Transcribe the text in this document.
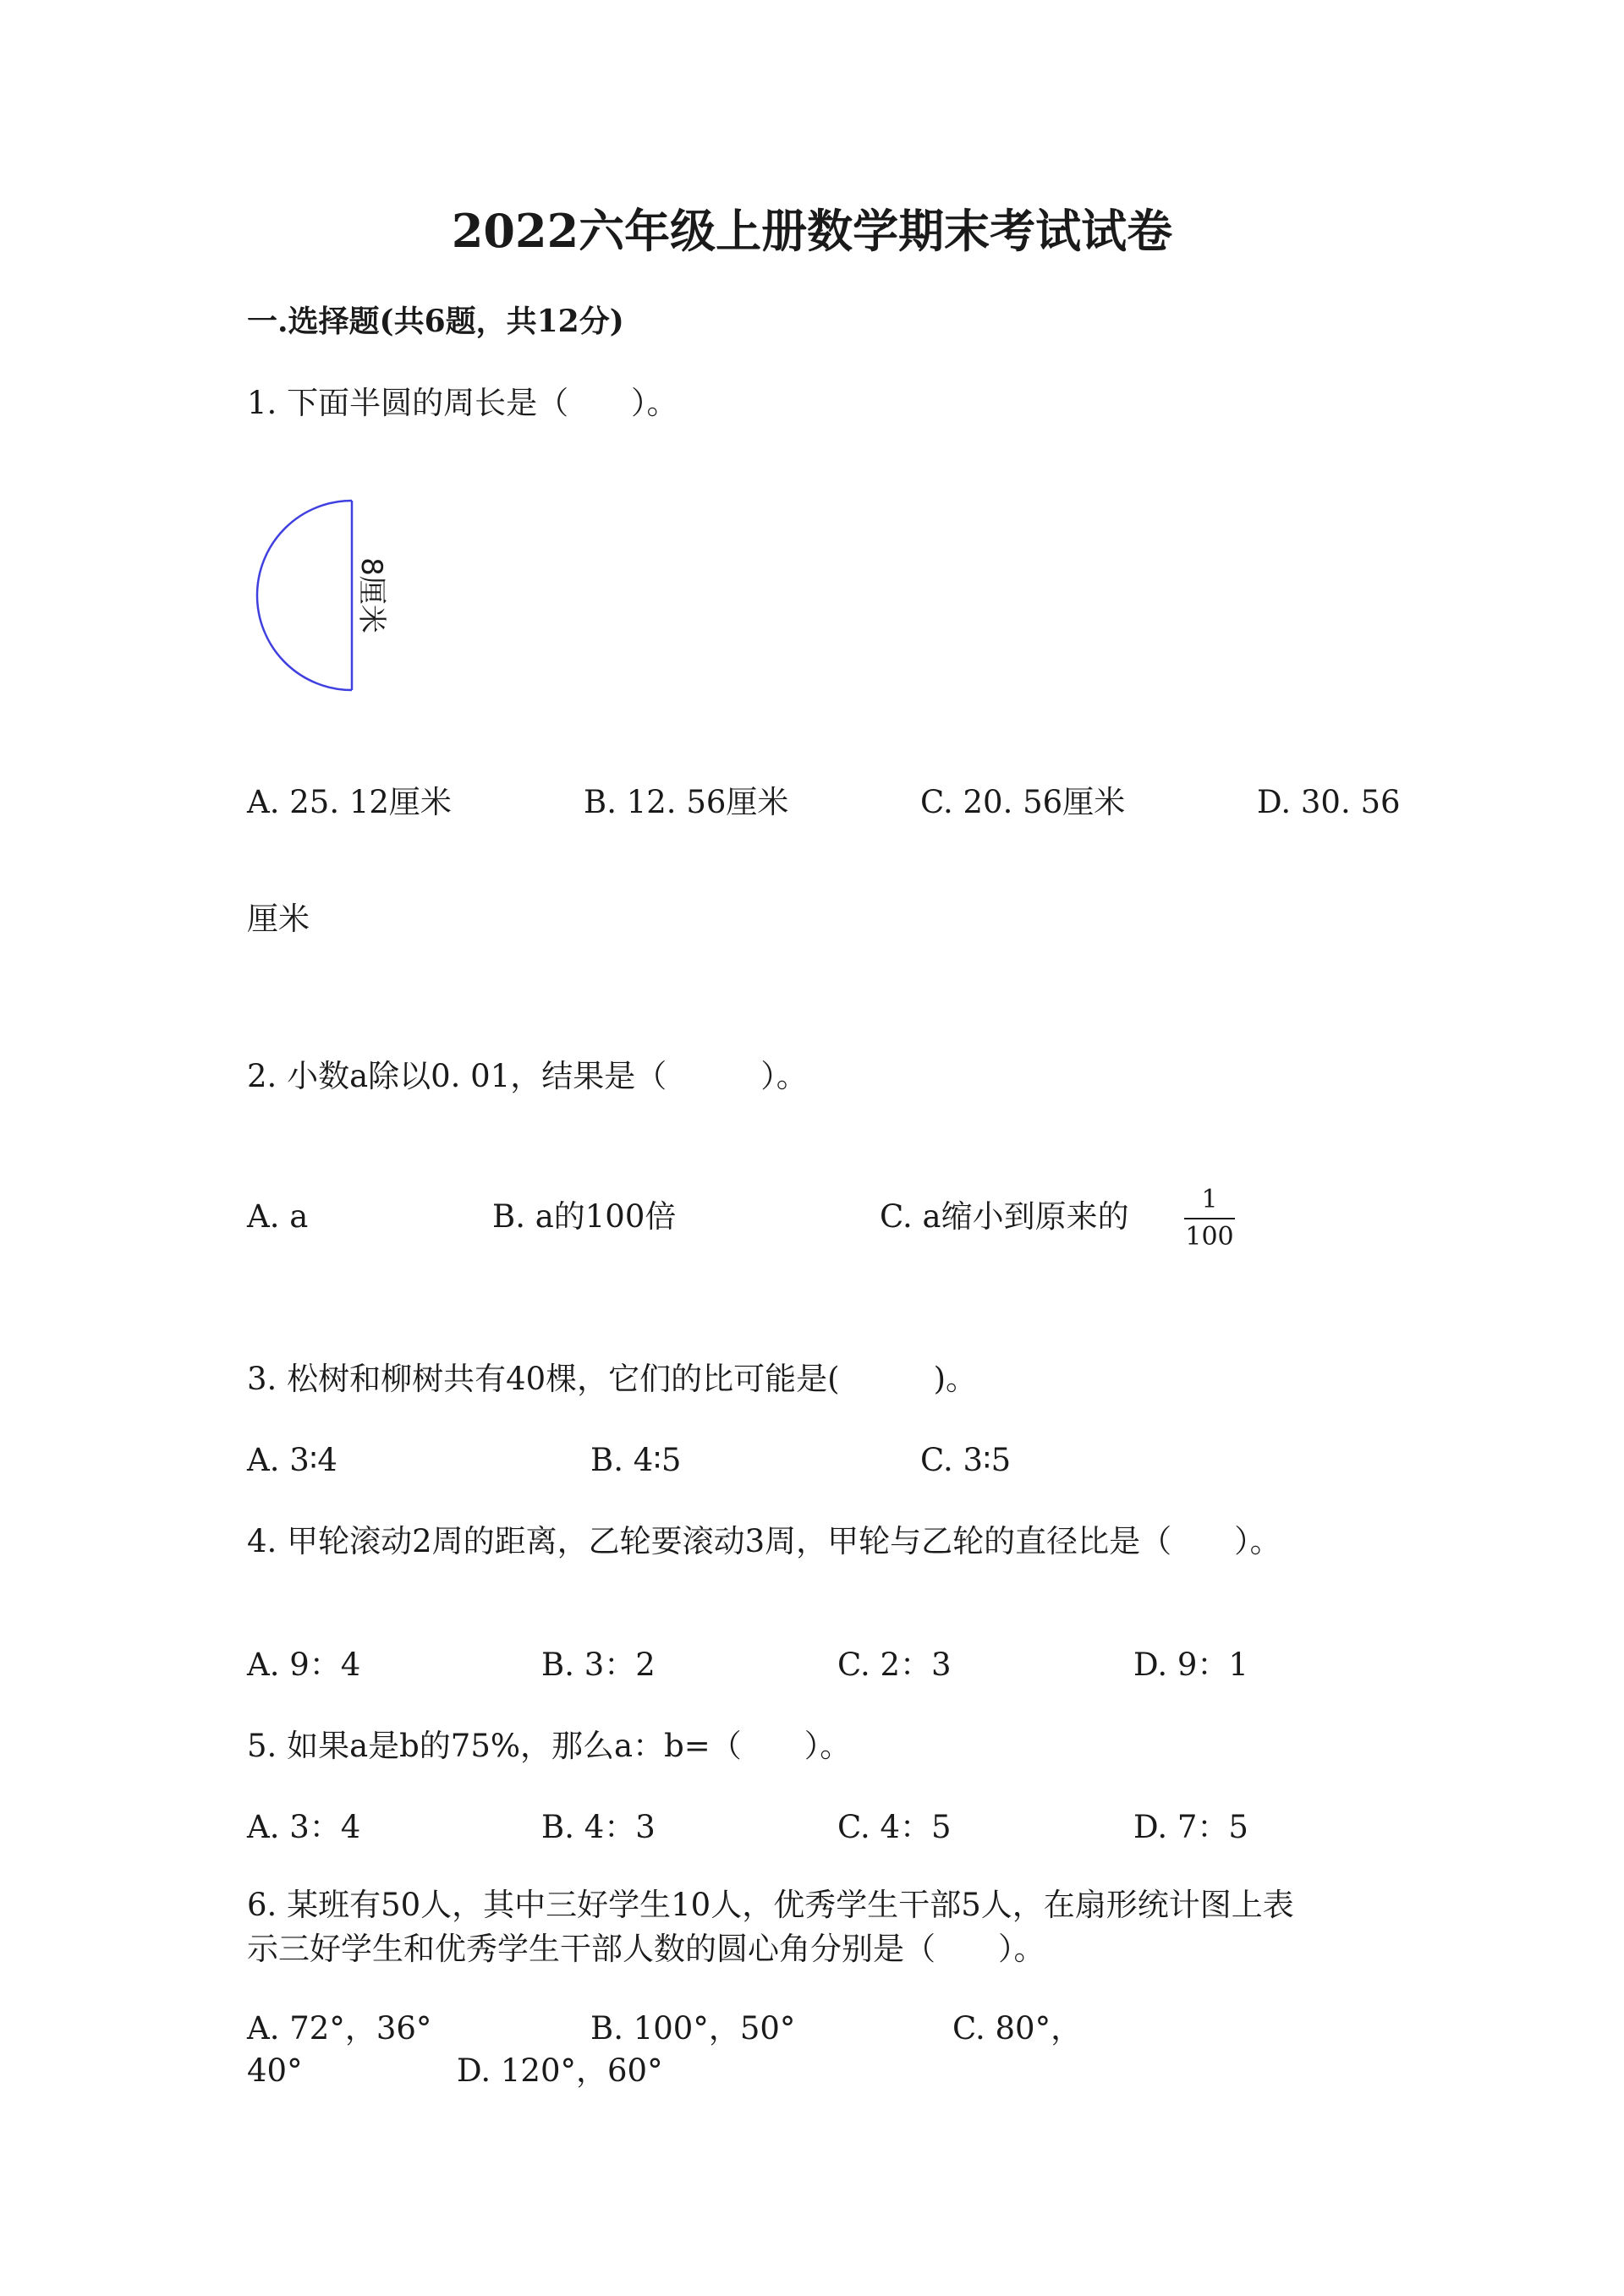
2022六年级上册数学期末考试试卷
一.选择题(共6题，共12分)
1. 下面半圆的周长是（　　）。
8厘米
A. 25. 12厘米	B. 12. 56厘米	C. 20. 56厘米	D. 30. 56
厘米
2. 小数a除以0. 01，结果是（　　　）。
A. a	B. a的100倍	C. a缩小到原来的	1
100
3. 松树和柳树共有40棵，它们的比可能是(　　　)。
A. 3∶4	B. 4∶5	C. 3∶5
4. 甲轮滚动2周的距离，乙轮要滚动3周，甲轮与乙轮的直径比是（　　）。
A. 9：4	B. 3：2	C. 2：3	D. 9：1
5. 如果a是b的75%，那么a：b=（　　）。
A. 3：4	B. 4：3	C. 4：5	D. 7：5
6. 某班有50人，其中三好学生10人，优秀学生干部5人，在扇形统计图上表
示三好学生和优秀学生干部人数的圆心角分别是（　　）。
A. 72°，36°	B. 100°，50°	C. 80°，
40°	D. 120°，60°
